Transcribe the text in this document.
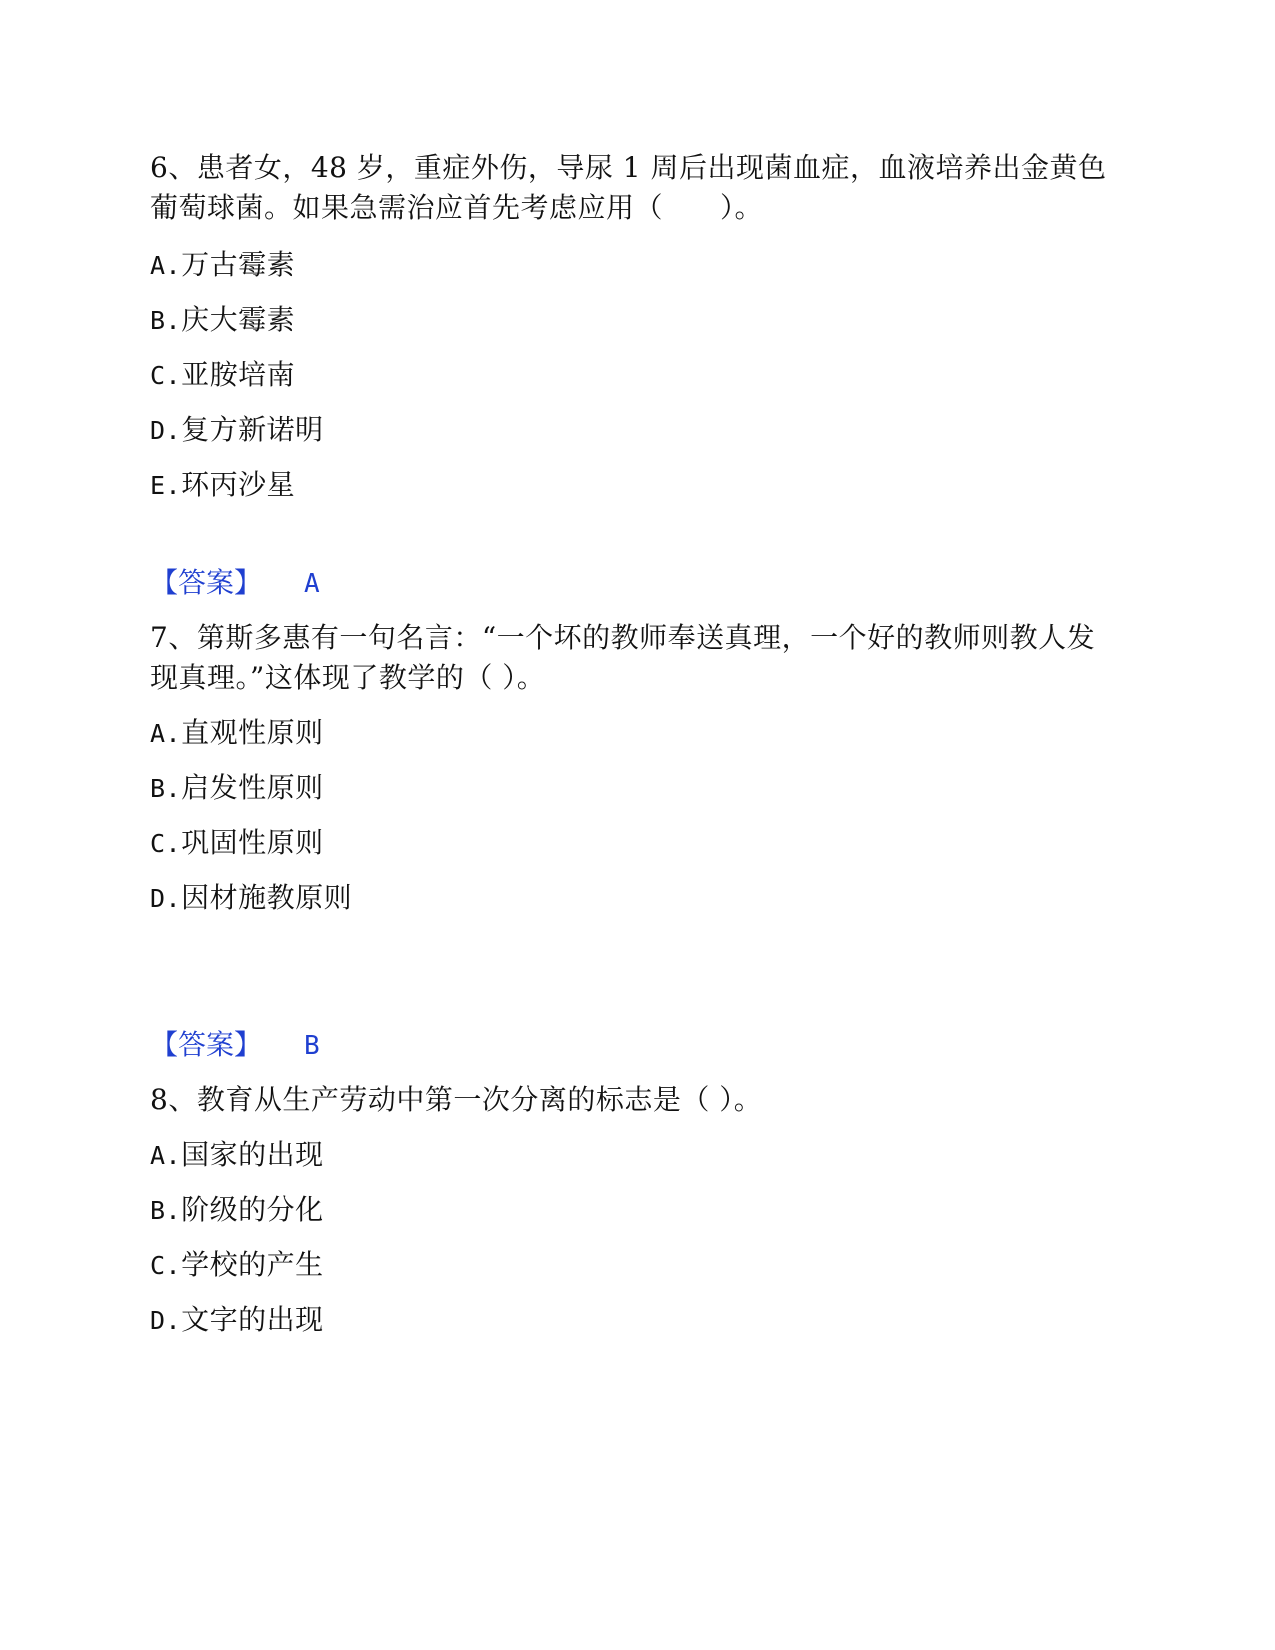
6、患者女，48 岁，重症外伤，导尿 1 周后出现菌血症，血液培养出金黄色
葡萄球菌。如果急需治应首先考虑应用（　　）。
A.万古霉素
B.庆大霉素
C.亚胺培南
D.复方新诺明
E.环丙沙星
【答案】 A
7、第斯多惠有一句名言：“一个坏的教师奉送真理，一个好的教师则教人发
现真理。”这体现了教学的（ ）。
A.直观性原则
B.启发性原则
C.巩固性原则
D.因材施教原则
【答案】 B
8、教育从生产劳动中第一次分离的标志是（ ）。
A.国家的出现
B.阶级的分化
C.学校的产生
D.文字的出现
